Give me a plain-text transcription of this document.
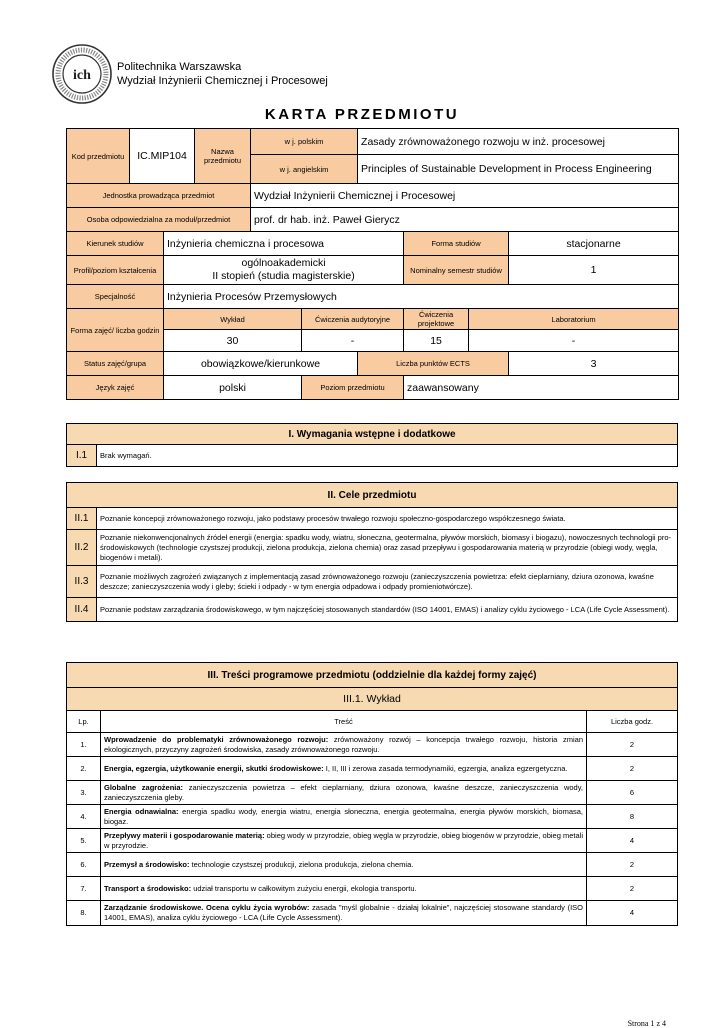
ich
Politechnika Warszawska
Wydział Inżynierii Chemicznej i Procesowej
KARTA PRZEDMIOTU
Kod przedmiotu	IC.MIP104		Nazwa przedmiotu	w j. polskim		Zasady zrównoważonego rozwoju w inż. procesowej			
				w j. angielskim		Principles of Sustainable Development in Process Engineering			
Jednostka prowadząca przedmiot				Wydział Inżynierii Chemicznej i Procesowej					
Osoba odpowiedzialna za moduł/przedmiot				prof. dr hab. inż. Paweł Gierycz					
Kierunek studiów		Inżynieria chemiczna i procesowa					Forma studiów		stacjonarne
Profil/poziom kształcenia		ogólnoakademicki
II stopień (studia magisterskie)					Nominalny semestr studiów		1
Specjalność		Inżynieria Procesów Przemysłowych							
Forma zajęć/ liczba godzin		Wykład			Ćwiczenia audytoryjne		Ćwiczenia projektowe	Laboratorium	
		30			-		15	-	
Status zajęć/grupa		obowiązkowe/kierunkowe				Liczba punktów ECTS			3
Język zajęć		polski			Poziom przedmiotu		zaawansowany		
I. Wymagania wstępne i dodatkowe
I.1	Brak wymagań.
II. Cele przedmiotu	
II.1	Poznanie koncepcji zrównoważonego rozwoju, jako podstawy procesów trwałego rozwoju społeczno-gospodarczego współczesnego świata.
II.2	Poznanie niekonwencjonalnych źródeł energii (energia: spadku wody, wiatru, słoneczna, geotermalna, pływów morskich, biomasy i biogazu), nowoczesnych technologii pro-środowiskowych (technologie czystszej produkcji, zielona produkcja, zielona chemia) oraz zasad przepływu i gospodarowania materią w przyrodzie (obiegi wody, węgla, biogenów i metali).
II.3	Poznanie możliwych zagrożeń związanych z implementacją zasad zrównoważonego rozwoju (zanieczyszczenia powietrza: efekt cieplarniany, dziura ozonowa, kwaśne deszcze; zanieczyszczenia wody i gleby; ścieki i odpady - w tym energia odpadowa i odpady promieniotwórcze).
II.4	Poznanie podstaw zarządzania środowiskowego, w tym najczęściej stosowanych standardów (ISO 14001, EMAS) i analizy cyklu życiowego - LCA (Life Cycle Assessment).
III. Treści programowe przedmiotu (oddzielnie dla każdej formy zajęć)		
III.1. Wykład		
Lp.	Treść	Liczba godz.
1.	Wprowadzenie do problematyki zrównoważonego rozwoju: zrównoważony rozwój – koncepcja trwałego rozwoju, historia zmian ekologicznych, przyczyny zagrożeń środowiska, zasady zrównoważonego rozwoju.	2
2.	Energia, egzergia, użytkowanie energii, skutki środowiskowe: I, II, III i zerowa zasada termodynamiki, egzergia, analiza egzergetyczna.	2
3.	Globalne zagrożenia: zanieczyszczenia powietrza – efekt cieplarniany, dziura ozonowa, kwaśne deszcze, zanieczyszczenia wody, zanieczyszczenia gleby.	6
4.	Energia odnawialna: energia spadku wody, energia wiatru, energia słoneczna, energia geotermalna, energia pływów morskich, biomasa, biogaz.	8
5.	Przepływy materii i gospodarowanie materią: obieg wody w przyrodzie, obieg węgla w przyrodzie, obieg biogenów w przyrodzie, obieg metali w przyrodzie.	4
6.	Przemysł a środowisko: technologie czystszej produkcji, zielona produkcja, zielona chemia.	2
7.	Transport a środowisko: udział transportu w całkowitym zużyciu energii, ekologia transportu.	2
8.	Zarządzanie środowiskowe. Ocena cyklu życia wyrobów: zasada "myśl globalnie - działaj lokalnie", najczęściej stosowane standardy (ISO 14001, EMAS), analiza cyklu życiowego - LCA (Life Cycle Assessment).	4
Strona 1 z 4
